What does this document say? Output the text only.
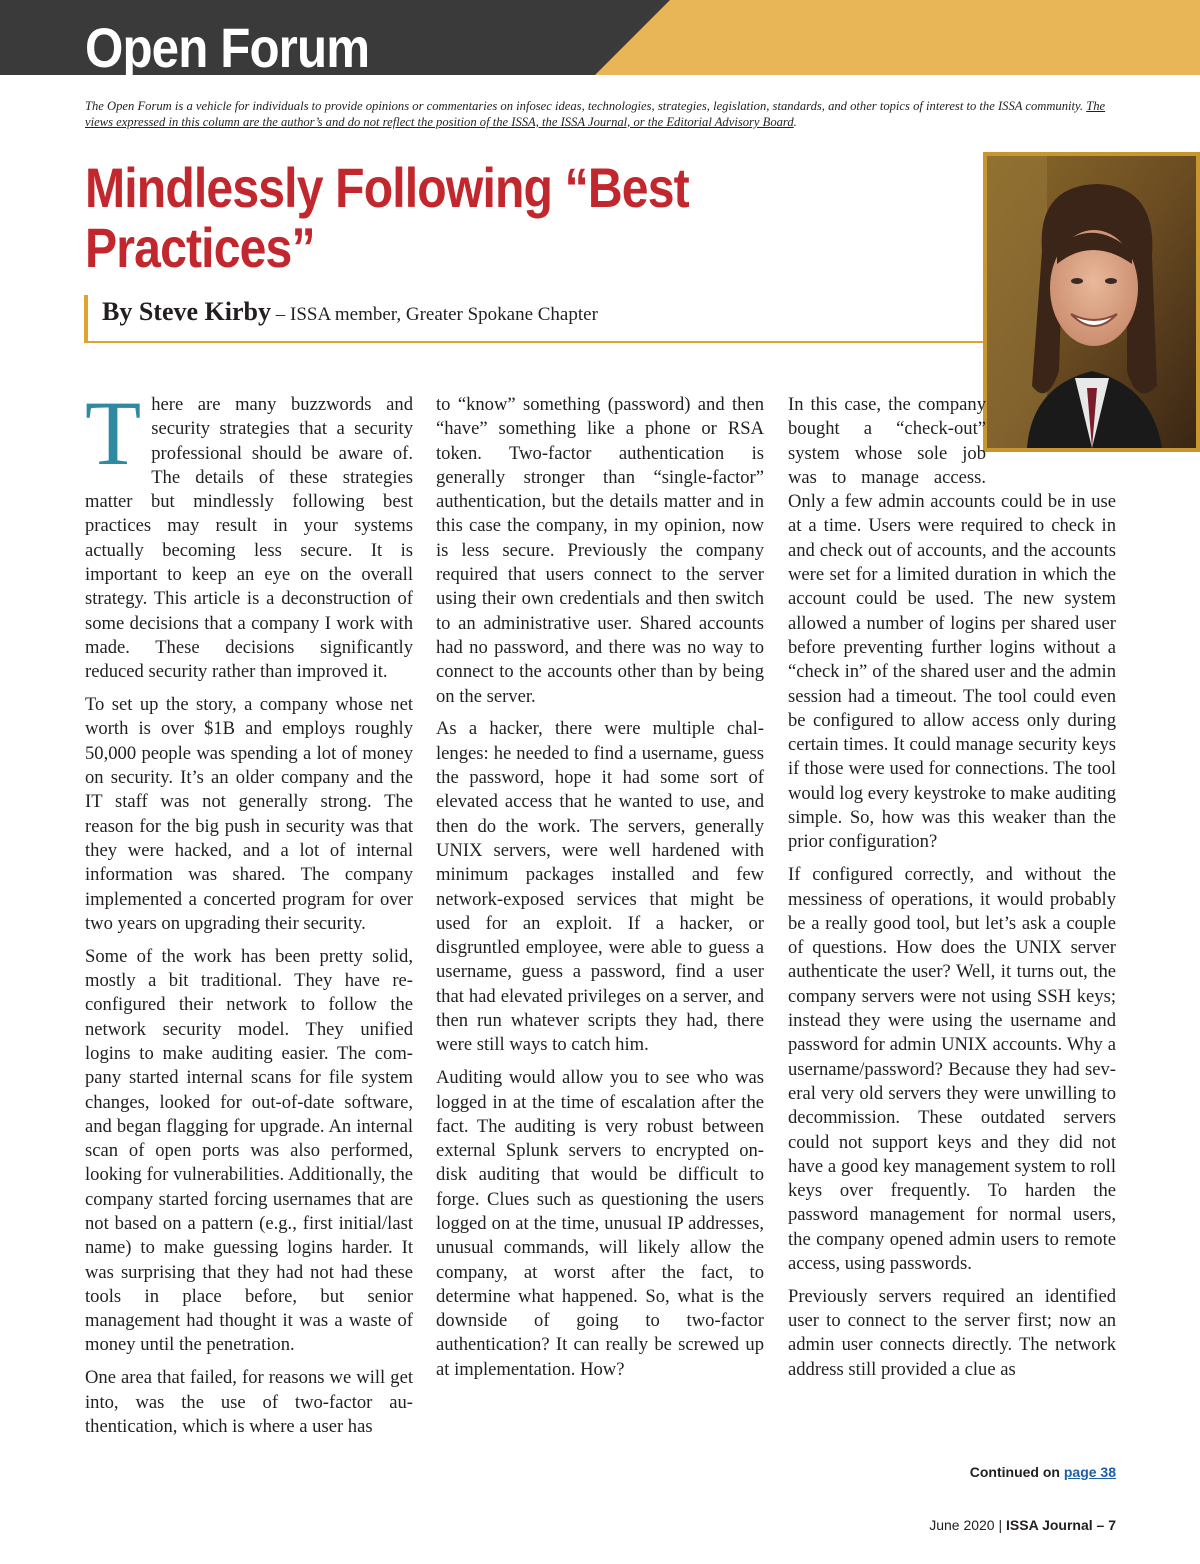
Open Forum

The Open Forum is a vehicle for individuals to provide opinions or commentaries on infosec ideas, technologies, strategies, legislation, standards, and other topics of interest to the ISSA community. The views expressed in this column are the author’s and do not reflect the position of the ISSA, the ISSA Journal, or the Editorial Advisory Board.

Mindlessly Following “Best Practices”

By Steve Kirby – ISSA member, Greater Spokane Chapter

There are many buzzwords and security strategies that a security professional should be aware of. The details of these strategies matter but mindlessly following best practices may result in your systems actually becoming less secure. It is important to keep an eye on the overall strategy. This article is a deconstruction of some decisions that a company I work with made. These decisions significantly reduced security rather than improved it.

To set up the story, a company whose net worth is over $1B and employs roughly 50,000 people was spending a lot of money on security. It’s an older company and the IT staff was not generally strong. The reason for the big push in security was that they were hacked, and a lot of internal information was shared. The company implemented a concerted program for over two years on upgrading their security.

Some of the work has been pretty solid, mostly a bit traditional. They have reconfigured their network to follow the network security model. They unified logins to make auditing easier. The company started internal scans for file system changes, looked for out-of-date software, and began flagging for upgrade. An internal scan of open ports was also performed, looking for vulnerabilities. Additionally, the company started forcing usernames that are not based on a pattern (e.g., first initial/last name) to make guessing logins harder. It was surprising that they had not had these tools in place before, but senior management had thought it was a waste of money until the penetration.

One area that failed, for reasons we will get into, was the use of two-factor authentication, which is where a user has

to “know” something (password) and then “have” something like a phone or RSA token. Two-factor authentication is generally stronger than “single-factor” authentication, but the details matter and in this case the company, in my opinion, now is less secure. Previously the company required that users connect to the server using their own credentials and then switch to an administrative user. Shared accounts had no password, and there was no way to connect to the accounts other than by being on the server.

As a hacker, there were multiple challenges: he needed to find a username, guess the password, hope it had some sort of elevated access that he wanted to use, and then do the work. The servers, generally UNIX servers, were well hardened with minimum packages installed and few network-exposed services that might be used for an exploit. If a hacker, or disgruntled employee, were able to guess a username, guess a password, find a user that had elevated privileges on a server, and then run whatever scripts they had, there were still ways to catch him.

Auditing would allow you to see who was logged in at the time of escalation after the fact. The auditing is very robust between external Splunk servers to encrypted on-disk auditing that would be difficult to forge. Clues such as questioning the users logged on at the time, unusual IP addresses, unusual commands, will likely allow the company, at worst after the fact, to determine what happened. So, what is the downside of going to two-factor authentication? It can really be screwed up at implementation. How?

In this case, the company bought a “check-out” system whose sole job was to manage access. Only a few admin accounts could be in use at a time. Users were required to check in and check out of accounts, and the accounts were set for a limited duration in which the account could be used. The new system allowed a number of logins per shared user before preventing further logins without a “check in” of the shared user and the admin session had a timeout. The tool could even be configured to allow access only during certain times. It could manage security keys if those were used for connections. The tool would log every keystroke to make auditing simple. So, how was this weaker than the prior configuration?

If configured correctly, and without the messiness of operations, it would probably be a really good tool, but let’s ask a couple of questions. How does the UNIX server authenticate the user? Well, it turns out, the company servers were not using SSH keys; instead they were using the username and password for admin UNIX accounts. Why a username/password? Because they had several very old servers they were unwilling to decommission. These outdated servers could not support keys and they did not have a good key management system to roll keys over frequently. To harden the password management for normal users, the company opened admin users to remote access, using passwords.

Previously servers required an identified user to connect to the server first; now an admin user connects directly. The network address still provided a clue as

Continued on page 38

June 2020 | ISSA Journal – 7
